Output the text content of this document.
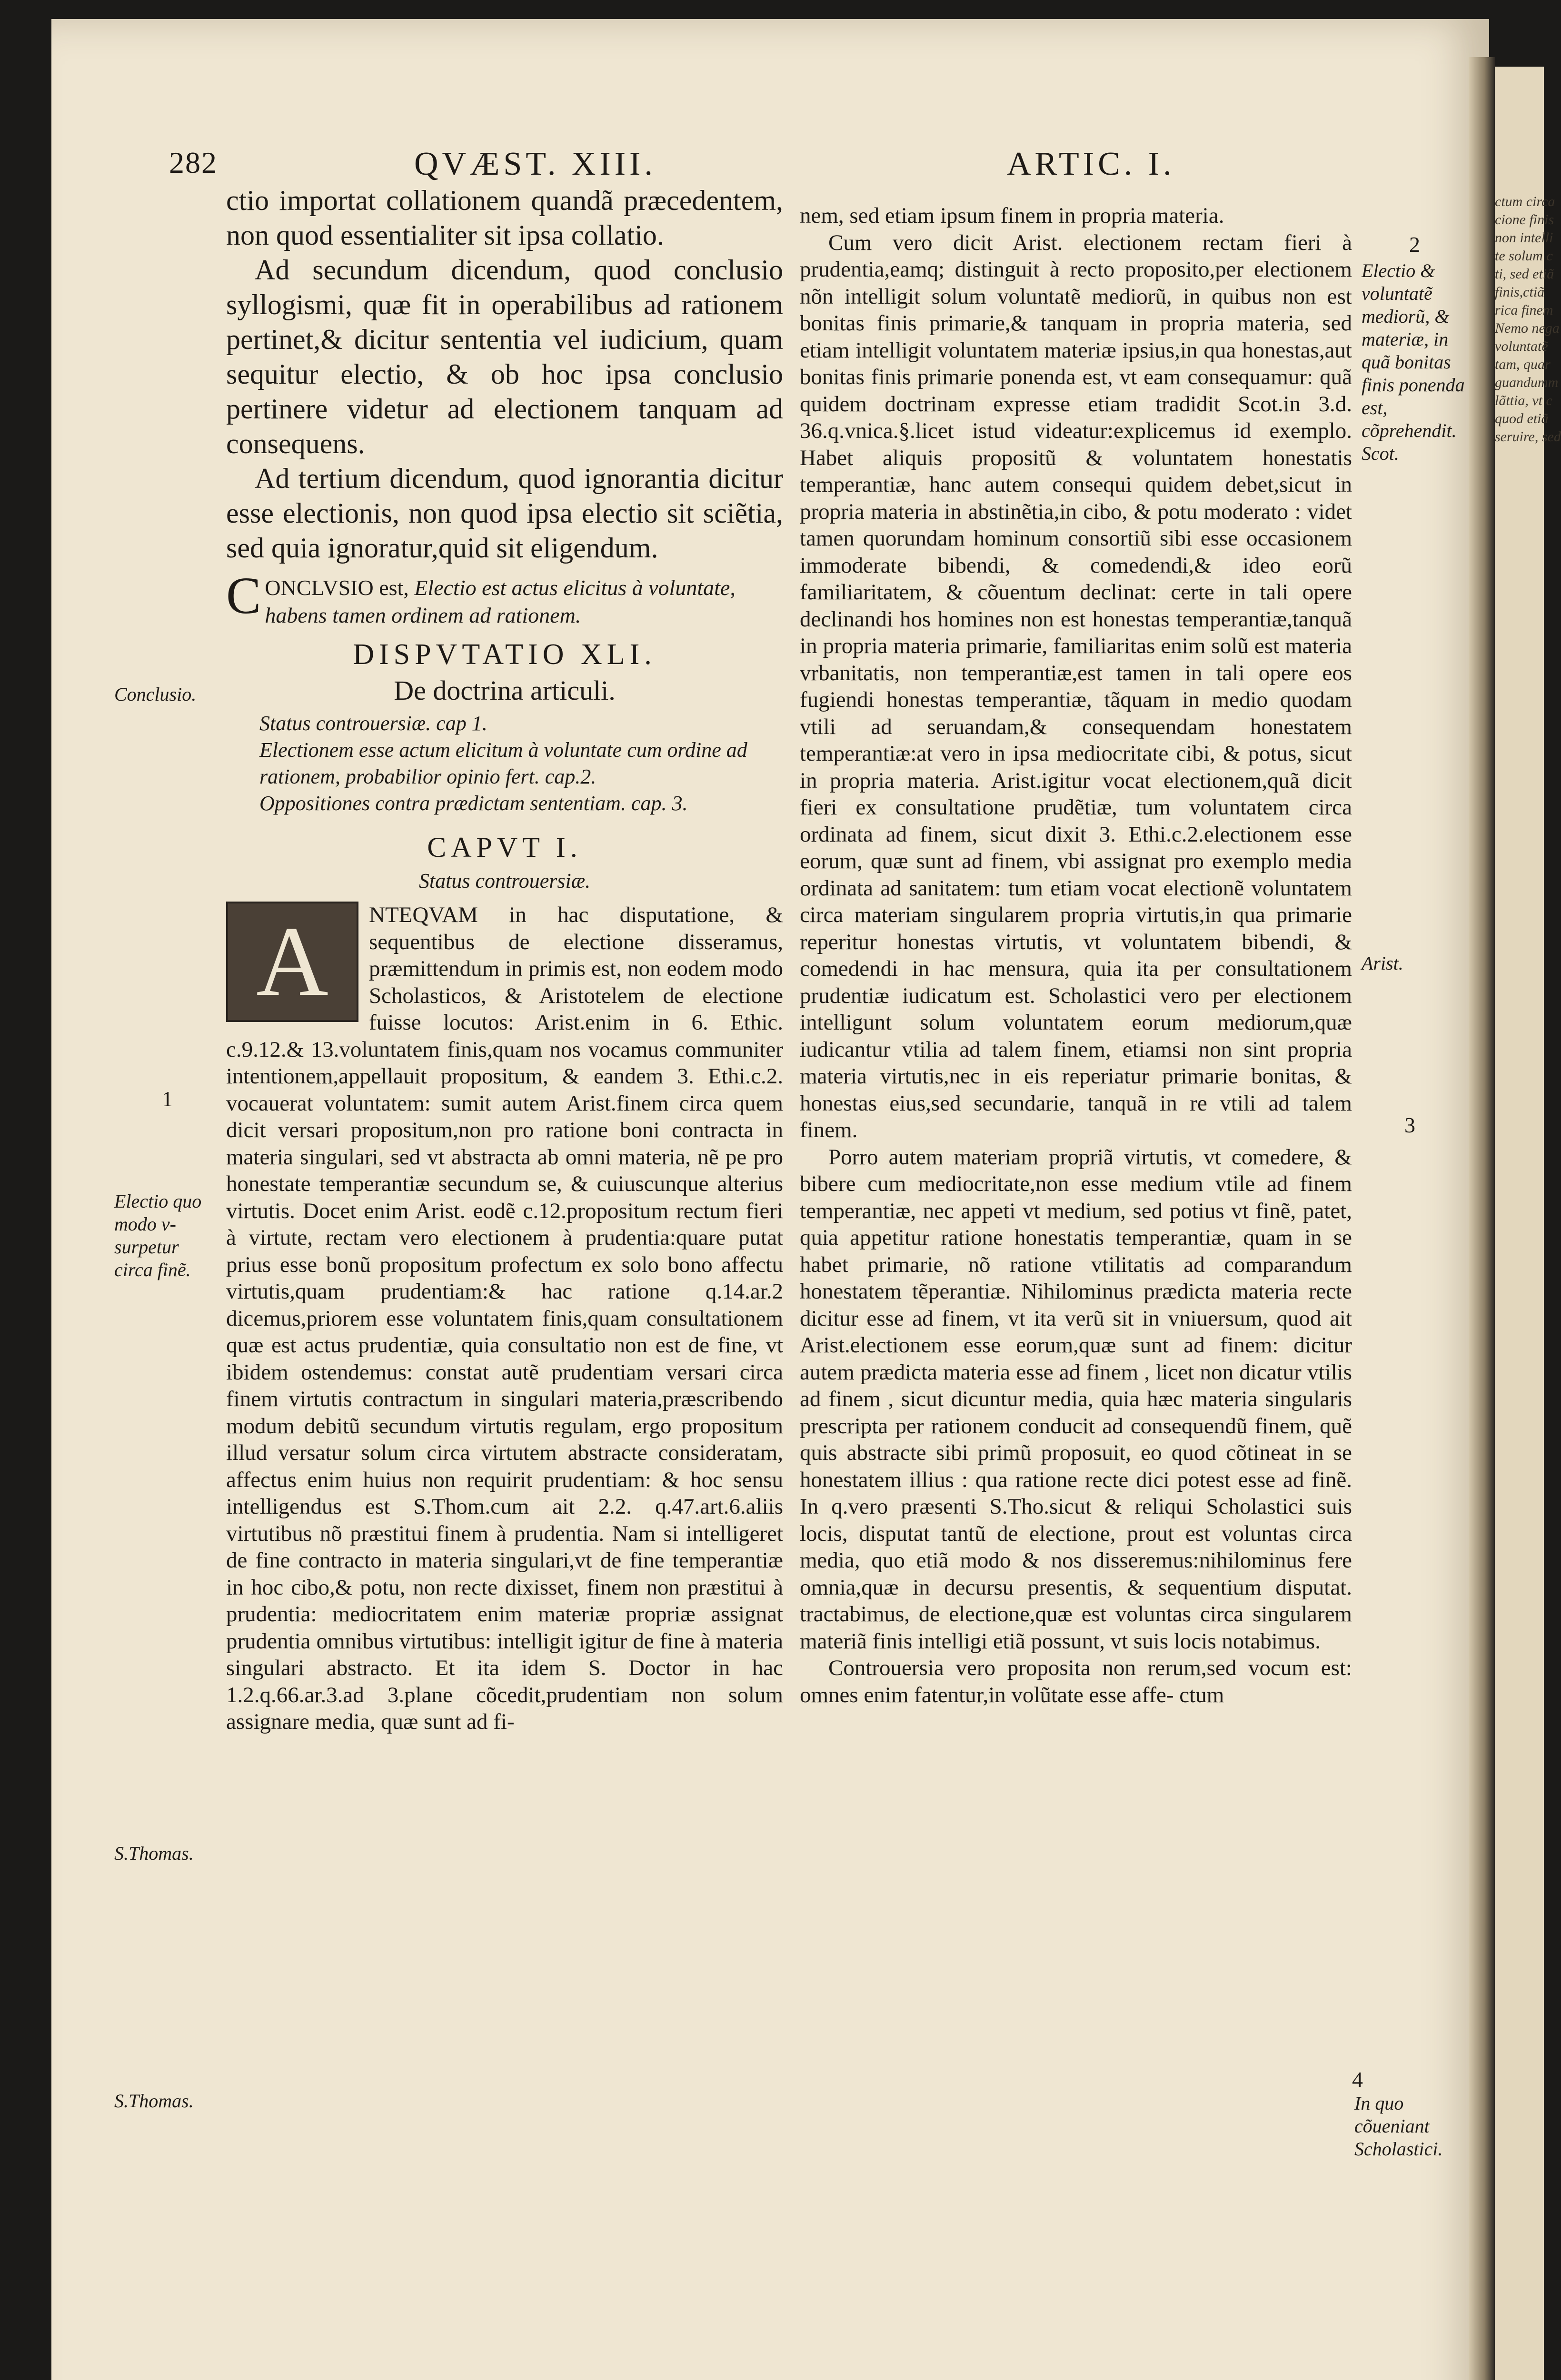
ctum circa
cione finis
non intelli
te solum c
ti, sed etiã
finis,ctiã
rica finem
Nemo nega
voluntatẽ
tam, quar
guandumm
lãttia, vt c
quod etiã
seruire, sed
282	QVÆST. XIII.	ARTIC. I.

ctio importat collationem quandã præcedentem, non quod essentialiter sit ipsa collatio.

Ad secundum dicendum, quod conclusio syllogismi, quæ fit in operabilibus ad rationem pertinet,& dicitur sententia vel iudicium, quam sequitur electio, & ob hoc ipsa conclusio pertinere videtur ad electionem tanquam ad consequens.

Ad tertium dicendum, quod ignorantia dicitur esse electionis, non quod ipsa electio sit sciẽtia, sed quia ignoratur,quid sit eligendum.

C ONCLVSIO est, Electio est actus elicitus à voluntate, habens tamen ordinem ad rationem.
DISPVTATIO XLI.
De doctrina articuli.
Status controuersiæ. cap 1.
Electionem esse actum elicitum à voluntate cum ordine ad rationem, probabilior opinio fert. cap.2.
Oppositiones contra prædictam sententiam. cap. 3.
CAPVT I.
Status controuersiæ.
A	NTEQVAM in hac disputatione, & sequentibus de electione disseramus, præmittendum in primis est, non eodem modo Scholasticos, & Aristotelem de electione fuisse locutos: Arist.enim in 6. Ethic. c.9.12.& 13.voluntatem finis,quam nos vocamus communiter intentionem,appellauit propositum, & eandem 3. Ethi.c.2. vocauerat voluntatem: sumit autem Arist.finem circa quem dicit versari propositum,non pro ratione boni contracta in materia singulari, sed vt abstracta ab omni materia, nẽ pe pro honestate temperantiæ secundum se, & cuiuscunque alterius virtutis. Docet enim Arist. eodẽ c.12.propositum rectum fieri à virtute, rectam vero electionem à prudentia:quare putat prius esse bonũ propositum profectum ex solo bono affectu virtutis,quam prudentiam:& hac ratione q.14.ar.2 dicemus,priorem esse voluntatem finis,quam consultationem quæ est actus prudentiæ, quia consultatio non est de fine, vt ibidem ostendemus: constat autẽ prudentiam versari circa finem virtutis contractum in singulari materia,præscribendo modum debitũ secundum virtutis regulam, ergo propositum illud versatur solum circa virtutem abstracte consideratam, affectus enim huius non requirit prudentiam: & hoc sensu intelligendus est S.Thom.cum ait 2.2. q.47.art.6.aliis virtutibus nõ præstitui finem à prudentia. Nam si intelligeret de fine contracto in materia singulari,vt de fine temperantiæ in hoc cibo,& potu, non recte dixisset, finem non præstitui à prudentia: mediocritatem enim materiæ propriæ assignat prudentia omnibus virtutibus: intelligit igitur de fine à materia singulari abstracto. Et ita idem S. Doctor in hac 1.2.q.66.ar.3.ad 3.plane cõcedit,prudentiam non solum assignare media, quæ sunt ad fi-

nem, sed etiam ipsum finem in propria materia.

Cum vero dicit Arist. electionem rectam fieri à prudentia,eamq; distinguit à recto proposito,per electionem nõn intelligit solum voluntatẽ mediorũ, in quibus non est bonitas finis primarie,& tanquam in propria materia, sed etiam intelligit voluntatem materiæ ipsius,in qua honestas,aut bonitas finis primarie ponenda est, vt eam consequamur: quã quidem doctrinam expresse etiam tradidit Scot.in 3.d. 36.q.vnica.§.licet istud videatur:explicemus id exemplo. Habet aliquis propositũ & voluntatem honestatis temperantiæ, hanc autem consequi quidem debet,sicut in propria materia in abstinẽtia,in cibo, & potu moderato : videt tamen quorundam hominum consortiũ sibi esse occasionem immoderate bibendi, & comedendi,& ideo eorũ familiaritatem, & cõuentum declinat: certe in tali opere declinandi hos homines non est honestas temperantiæ,tanquã in propria materia primarie, familiaritas enim solũ est materia vrbanitatis, non temperantiæ,est tamen in tali opere eos fugiendi honestas temperantiæ, tãquam in medio quodam vtili ad seruandam,& consequendam honestatem temperantiæ:at vero in ipsa mediocritate cibi, & potus, sicut in propria materia. Arist.igitur vocat electionem,quã dicit fieri ex consultatione prudẽtiæ, tum voluntatem circa ordinata ad finem, sicut dixit 3. Ethi.c.2.electionem esse eorum, quæ sunt ad finem, vbi assignat pro exemplo media ordinata ad sanitatem: tum etiam vocat electionẽ voluntatem circa materiam singularem propria virtutis,in qua primarie reperitur honestas virtutis, vt voluntatem bibendi, & comedendi in hac mensura, quia ita per consultationem prudentiæ iudicatum est. Scholastici vero per electionem intelligunt solum voluntatem eorum mediorum,quæ iudicantur vtilia ad talem finem, etiamsi non sint propria materia virtutis,nec in eis reperiatur primarie bonitas, & honestas eius,sed secundarie, tanquã in re vtili ad talem finem.

Porro autem materiam propriã virtutis, vt comedere, & bibere cum mediocritate,non esse medium vtile ad finem temperantiæ, nec appeti vt medium, sed potius vt finẽ, patet, quia appetitur ratione honestatis temperantiæ, quam in se habet primarie, nõ ratione vtilitatis ad comparandum honestatem tẽperantiæ. Nihilominus prædicta materia recte dicitur esse ad finem, vt ita verũ sit in vniuersum, quod ait Arist.electionem esse eorum,quæ sunt ad finem: dicitur autem prædicta materia esse ad finem , licet non dicatur vtilis ad finem , sicut dicuntur media, quia hæc materia singularis prescripta per rationem conducit ad consequendũ finem, quẽ quis abstracte sibi primũ proposuit, eo quod cõtineat in se honestatem illius : qua ratione recte dici potest esse ad finẽ. In q.vero præsenti S.Tho.sicut & reliqui Scholastici suis locis, disputat tantũ de electione, prout est voluntas circa media, quo etiã modo & nos disseremus:nihilominus fere omnia,quæ in decursu presentis, & sequentium disputat. tractabimus, de electione,quæ est voluntas circa singularem materiã finis intelligi etiã possunt, vt suis locis notabimus.

Controuersia vero proposita non rerum,sed vocum est: omnes enim fatentur,in volũtate esse affe- ctum

Conclusio.
1
Electio quo modo v- surpetur circa finẽ.
S.Thomas.
S.Thomas.
2
Electio & voluntatẽ mediorũ, & materiæ, in quã bonitas finis ponenda est, cõprehendit. Scot.
Arist.
3
4
In quo cõueniant Scholastici.
